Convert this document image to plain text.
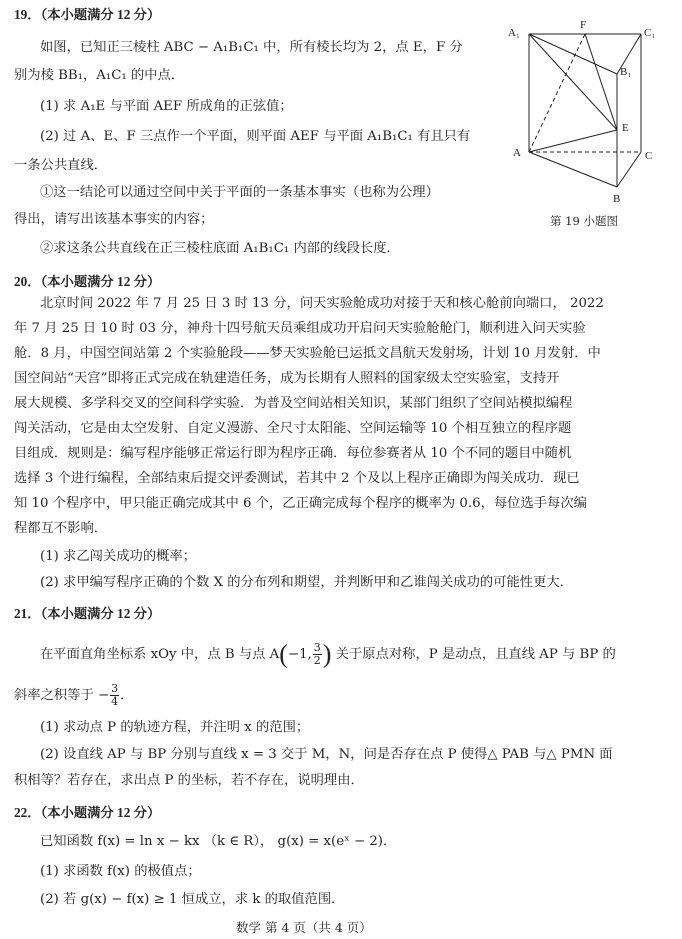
19．（本小题满分 12 分）
如图，已知正三棱柱 ABC − A₁B₁C₁ 中，所有棱长均为 2，点 E，F 分
别为棱 BB₁，A₁C₁ 的中点．
(1) 求 A₁E 与平面 AEF 所成角的正弦值；
(2) 过 A、E、F 三点作一个平面，则平面 AEF 与平面 A₁B₁C₁ 有且只有
一条公共直线．
①这一结论可以通过空间中关于平面的一条基本事实（也称为公理）
得出，请写出该基本事实的内容；
②求这条公共直线在正三棱柱底面 A₁B₁C₁ 内部的线段长度．
A₁
F
C₁
B₁
E
A	C
B
第 19 小题图
20．（本小题满分 12 分）
北京时间 2022 年 7 月 25 日 3 时 13 分，问天实验舱成功对接于天和核心舱前向端口， 2022
年 7 月 25 日 10 时 03 分，神舟十四号航天员乘组成功开启问天实验舱舱门，顺利进入问天实验
舱．8 月，中国空间站第 2 个实验舱段——梦天实验舱已运抵文昌航天发射场，计划 10 月发射．中
国空间站“天宫”即将正式完成在轨建造任务，成为长期有人照料的国家级太空实验室，支持开
展大规模、多学科交叉的空间科学实验．为普及空间站相关知识，某部门组织了空间站模拟编程
闯关活动，它是由太空发射、自定义漫游、全尺寸太阳能、空间运输等 10 个相互独立的程序题
目组成．规则是：编写程序能够正常运行即为程序正确．每位参赛者从 10 个不同的题目中随机
选择 3 个进行编程，全部结束后提交评委测试，若其中 2 个及以上程序正确即为闯关成功．现已
知 10 个程序中，甲只能正确完成其中 6 个，乙正确完成每个程序的概率为 0.6，每位选手每次编
程都互不影响．
(1) 求乙闯关成功的概率；
(2) 求甲编写程序正确的个数 X 的分布列和期望，并判断甲和乙谁闯关成功的可能性更大．
21．（本小题满分 12 分）
在平面直角坐标系 xOy 中，点 B 与点 A(−1, $\frac{3}{2}$ ) 关于原点对称，P 是动点，且直线 AP 与 BP 的
斜率之积等于 − $\frac{3}{4}$ ．
(1) 求动点 P 的轨迹方程，并注明 x 的范围；
(2) 设直线 AP 与 BP 分别与直线 x = 3 交于 M，N，问是否存在点 P 使得△ PAB 与△ PMN 面
积相等？若存在，求出点 P 的坐标，若不存在，说明理由．
22．（本小题满分 12 分）
已知函数 f(x) = ln x − kx （k ∈ R）， g(x) = x(eˣ − 2)．
(1) 求函数 f(x) 的极值点；
(2) 若 g(x) − f(x) ≥ 1 恒成立，求 k 的取值范围．
数学 第 4 页（共 4 页）
